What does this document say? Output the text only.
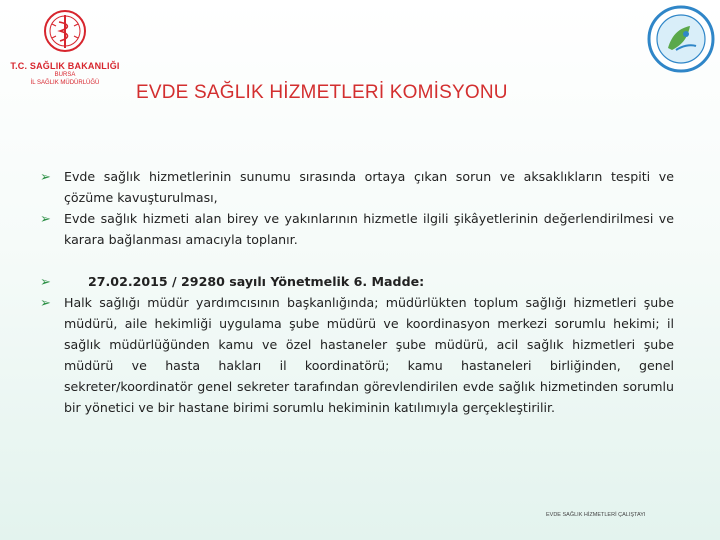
T.C. SAĞLIK BAKANLIĞI
BURSA
İL SAĞLIK MÜDÜRLÜĞÜ	EVDE SAĞLIK HİZMETLERİ KOMİSYONU
➢ Evde sağlık hizmetlerinin sunumu sırasında ortaya çıkan sorun ve aksaklıkların tespiti ve çözüme kavuşturulması,
➢ Evde sağlık hizmeti alan birey ve yakınlarının hizmetle ilgili şikâyetlerinin değerlendirilmesi ve karara bağlanması amacıyla toplanır.
➢	27.02.2015 / 29280 sayılı Yönetmelik 6. Madde:
➢ Halk sağlığı müdür yardımcısının başkanlığında; müdürlükten toplum sağlığı hizmetleri şube müdürü, aile hekimliği uygulama şube müdürü ve koordinasyon merkezi sorumlu hekimi; il sağlık müdürlüğünden kamu ve özel hastaneler şube müdürü, acil sağlık hizmetleri şube müdürü ve hasta hakları il koordinatörü; kamu hastaneleri birliğinden, genel sekreter/koordinatör genel sekreter tarafından görevlendirilen evde sağlık hizmetinden sorumlu bir yönetici ve bir hastane birimi sorumlu hekiminin katılımıyla gerçekleştirilir.
EVDE SAĞLIK HİZMETLERİ ÇALIŞTAYI
